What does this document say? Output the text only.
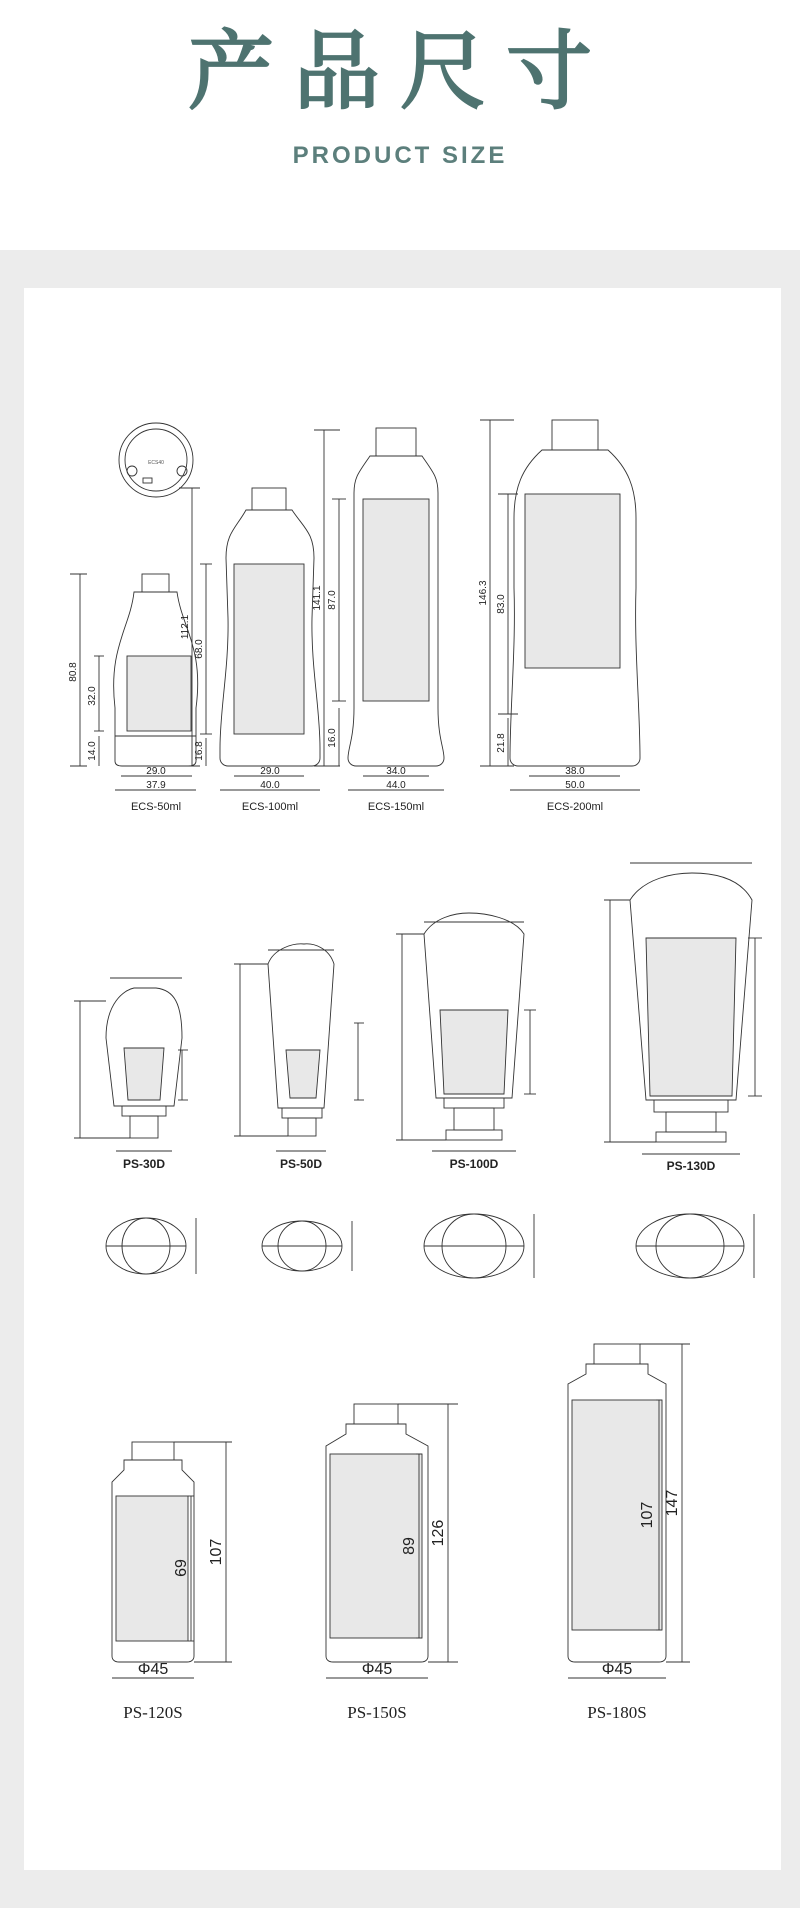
产品尺寸
PRODUCT SIZE
ECS40
80.8
32.0
14.0
29.0
37.9
ECS-50ml
112.1
68.0
16.8
29.0
40.0
ECS-100ml
141.1 87.0
16.0
34.0
44.0
ECS-150ml
146.3 83.0
21.8
38.0
50.0
ECS-200ml
PS-30D	PS-50D	PS-100D	PS-130D
107
69
Φ45
PS-120S
126
89
Φ45
PS-150S
147
107
Φ45
PS-180S
